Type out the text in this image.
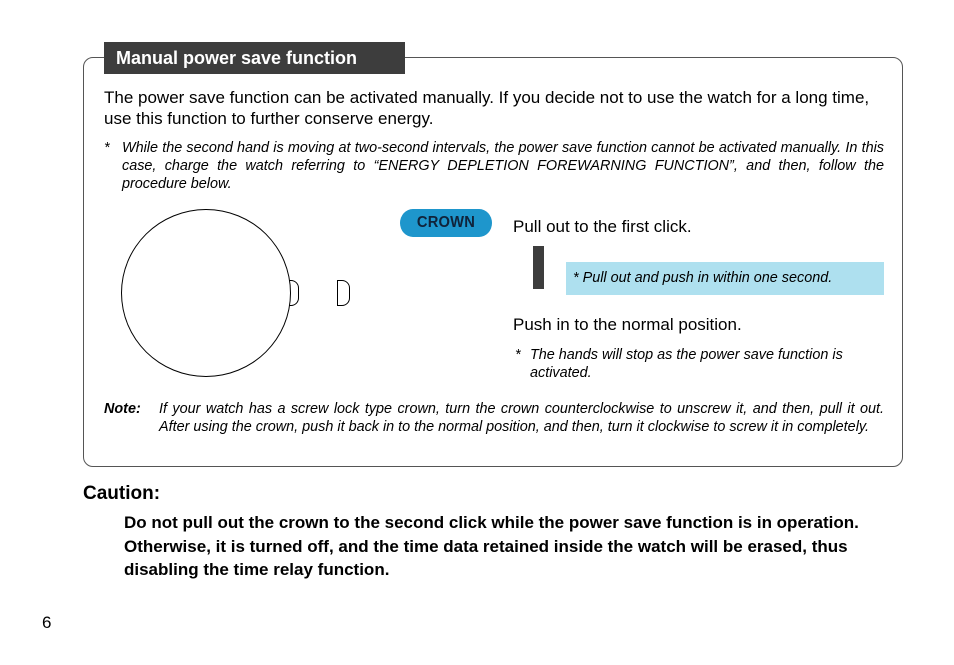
Manual power save function
The power save function can be activated manually. If you decide not to use the watch for a long time, use this function to further conserve energy.
* While the second hand is moving at two-second intervals, the power save function cannot be activated manually. In this case, charge the watch referring to “ENERGY DEPLETION FOREWARNING FUNCTION”, and then, follow the procedure below.
CROWN	Pull out to the first click.
* Pull out and push in within one second.
Push in to the normal position.
* The hands will stop as the power save function is activated.
Note: If your watch has a screw lock type crown, turn the crown counterclockwise to unscrew it, and then, pull it out. After using the crown, push it back in to the normal position, and then, turn it clockwise to screw it in completely.
Caution:
Do not pull out the crown to the second click while the power save function is in operation. Otherwise, it is turned off, and the time data retained inside the watch will be erased, thus disabling the time relay function.
6
